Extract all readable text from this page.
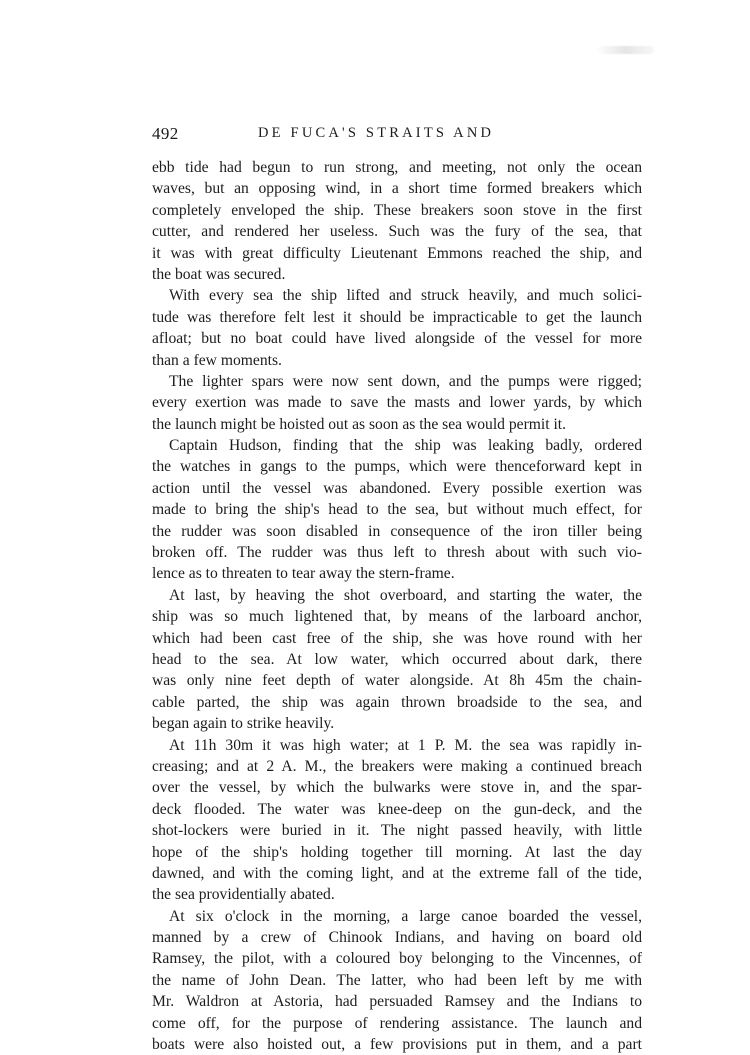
492	DE FUCA'S STRAITS AND
ebb tide had begun to run strong, and meeting, not only the ocean
waves, but an opposing wind, in a short time formed breakers which
completely enveloped the ship. These breakers soon stove in the first
cutter, and rendered her useless. Such was the fury of the sea, that
it was with great difficulty Lieutenant Emmons reached the ship, and
the boat was secured.
With every sea the ship lifted and struck heavily, and much solici-
tude was therefore felt lest it should be impracticable to get the launch
afloat; but no boat could have lived alongside of the vessel for more
than a few moments.
The lighter spars were now sent down, and the pumps were rigged;
every exertion was made to save the masts and lower yards, by which
the launch might be hoisted out as soon as the sea would permit it.
Captain Hudson, finding that the ship was leaking badly, ordered
the watches in gangs to the pumps, which were thenceforward kept in
action until the vessel was abandoned. Every possible exertion was
made to bring the ship's head to the sea, but without much effect, for
the rudder was soon disabled in consequence of the iron tiller being
broken off. The rudder was thus left to thresh about with such vio-
lence as to threaten to tear away the stern-frame.
At last, by heaving the shot overboard, and starting the water, the
ship was so much lightened that, by means of the larboard anchor,
which had been cast free of the ship, she was hove round with her
head to the sea. At low water, which occurred about dark, there
was only nine feet depth of water alongside. At 8h 45m the chain-
cable parted, the ship was again thrown broadside to the sea, and
began again to strike heavily.
At 11h 30m it was high water; at 1 P. M. the sea was rapidly in-
creasing; and at 2 A. M., the breakers were making a continued breach
over the vessel, by which the bulwarks were stove in, and the spar-
deck flooded. The water was knee-deep on the gun-deck, and the
shot-lockers were buried in it. The night passed heavily, with little
hope of the ship's holding together till morning. At last the day
dawned, and with the coming light, and at the extreme fall of the tide,
the sea providentially abated.
At six o'clock in the morning, a large canoe boarded the vessel,
manned by a crew of Chinook Indians, and having on board old
Ramsey, the pilot, with a coloured boy belonging to the Vincennes, of
the name of John Dean. The latter, who had been left by me with
Mr. Waldron at Astoria, had persuaded Ramsey and the Indians to
come off, for the purpose of rendering assistance. The launch and
boats were also hoisted out, a few provisions put in them, and a part
